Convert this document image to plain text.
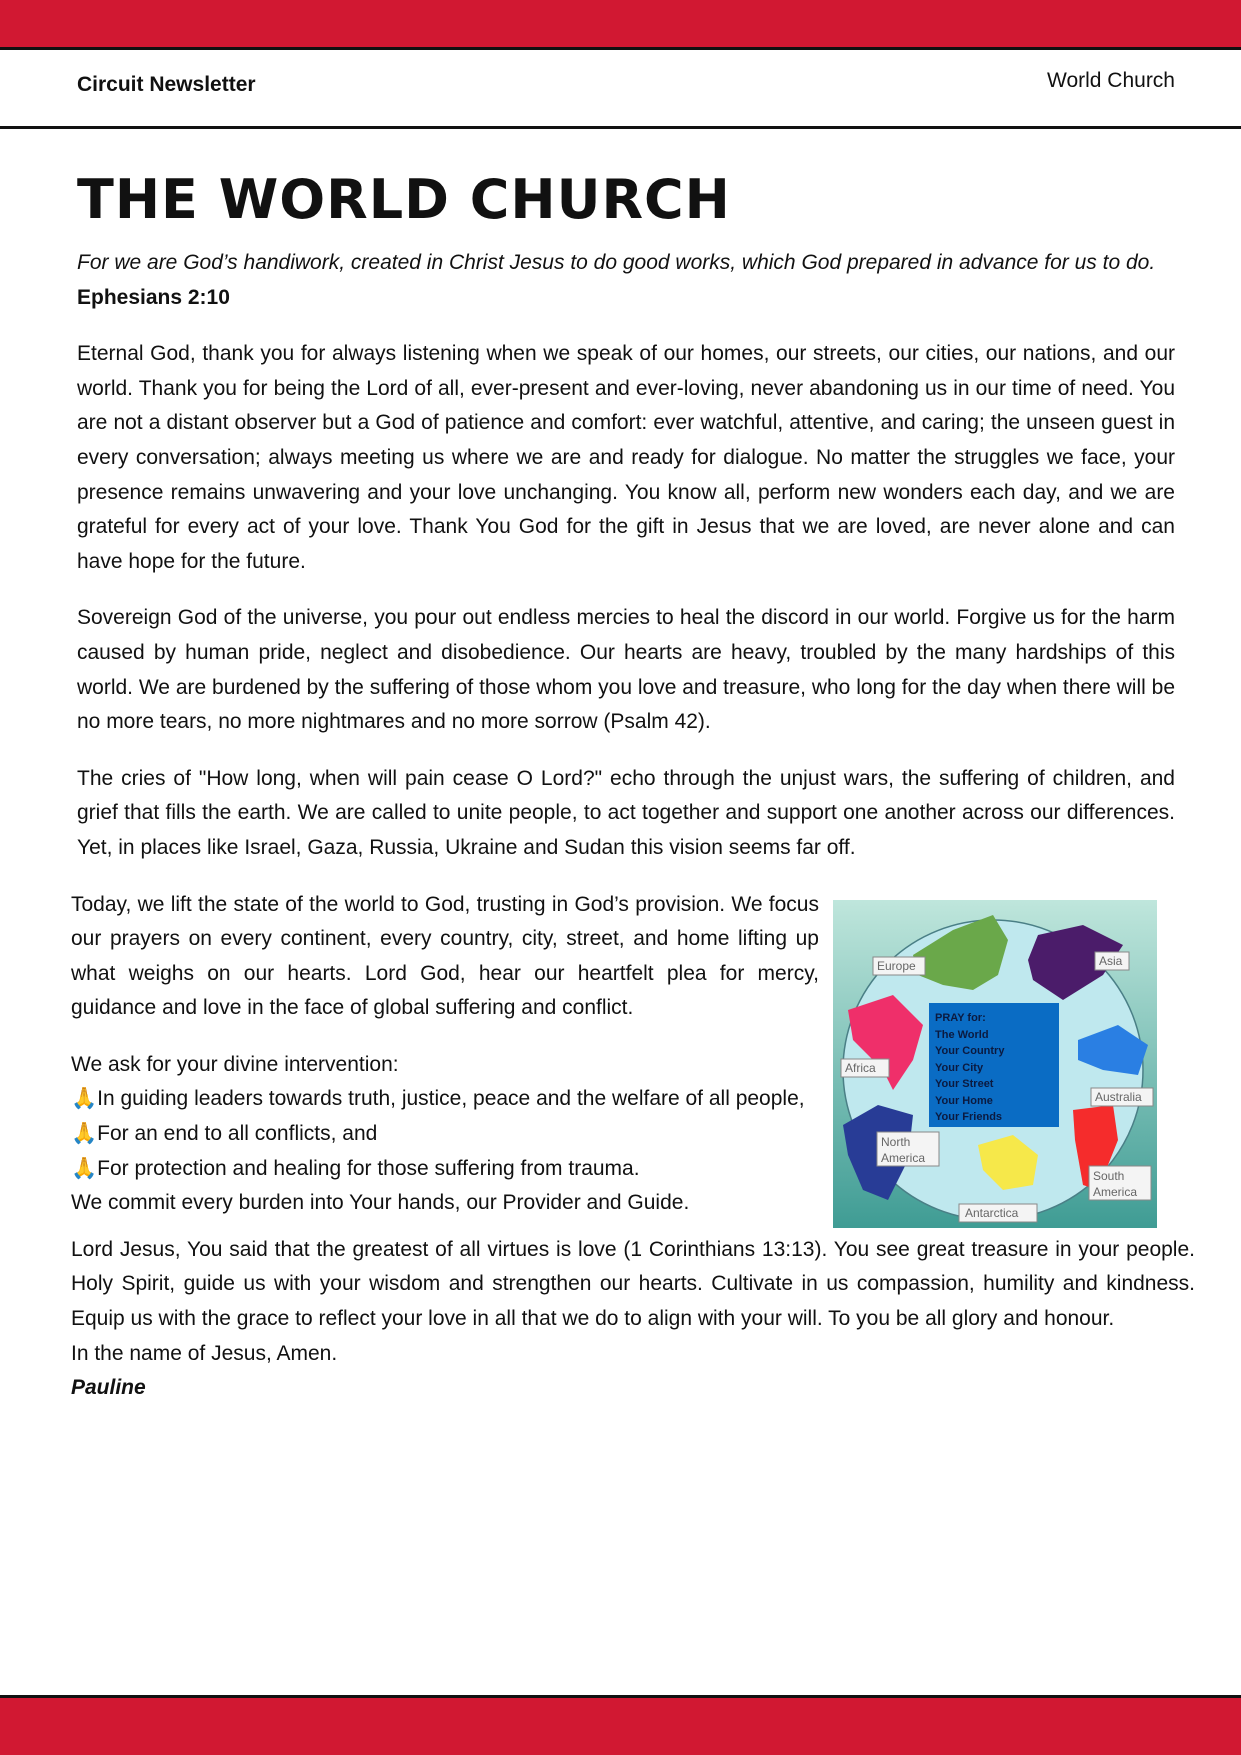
Circuit Newsletter	World Church
THE WORLD CHURCH

For we are God’s handiwork, created in Christ Jesus to do good works, which God prepared in advance for us to do.

Ephesians 2:10

Eternal God, thank you for always listening when we speak of our homes, our streets, our cities, our nations, and our world. Thank you for being the Lord of all, ever-present and ever-loving, never abandoning us in our time of need. You are not a distant observer but a God of patience and comfort: ever watchful, attentive, and caring; the unseen guest in every conversation; always meeting us where we are and ready for dialogue. No matter the struggles we face, your presence remains unwavering and your love unchanging. You know all, perform new wonders each day, and we are grateful for every act of your love. Thank You God for the gift in Jesus that we are loved, are never alone and can have hope for the future.

Sovereign God of the universe, you pour out endless mercies to heal the discord in our world. Forgive us for the harm caused by human pride, neglect and disobedience. Our hearts are heavy, troubled by the many hardships of this world. We are burdened by the suffering of those whom you love and treasure, who long for the day when there will be no more tears, no more nightmares and no more sorrow (Psalm 42).

The cries of "How long, when will pain cease O Lord?" echo through the unjust wars, the suffering of children, and grief that fills the earth. We are called to unite people, to act together and support one another across our differences. Yet, in places like Israel, Gaza, Russia, Ukraine and Sudan this vision seems far off.

PRAY for:
The World
Your Country
Your City
Your Street
Your Home
Your Friends
Europe	Asia
Africa
Australia
North
America
South
America
Antarctica
Today, we lift the state of the world to God, trusting in God’s provision. We focus our prayers on every continent, every country, city, street, and home lifting up what weighs on our hearts. Lord God, hear our heartfelt plea for mercy, guidance and love in the face of global suffering and conflict.
We ask for your divine intervention:
🙏In guiding leaders towards truth, justice, peace and the welfare of all people,
🙏For an end to all conflicts, and
🙏For protection and healing for those suffering from trauma.
We commit every burden into Your hands, our Provider and Guide.
Lord Jesus, You said that the greatest of all virtues is love (1 Corinthians 13:13). You see great treasure in your people. Holy Spirit, guide us with your wisdom and strengthen our hearts. Cultivate in us compassion, humility and kindness. Equip us with the grace to reflect your love in all that we do to align with your will. To you be all glory and honour.
In the name of Jesus, Amen.
Pauline
